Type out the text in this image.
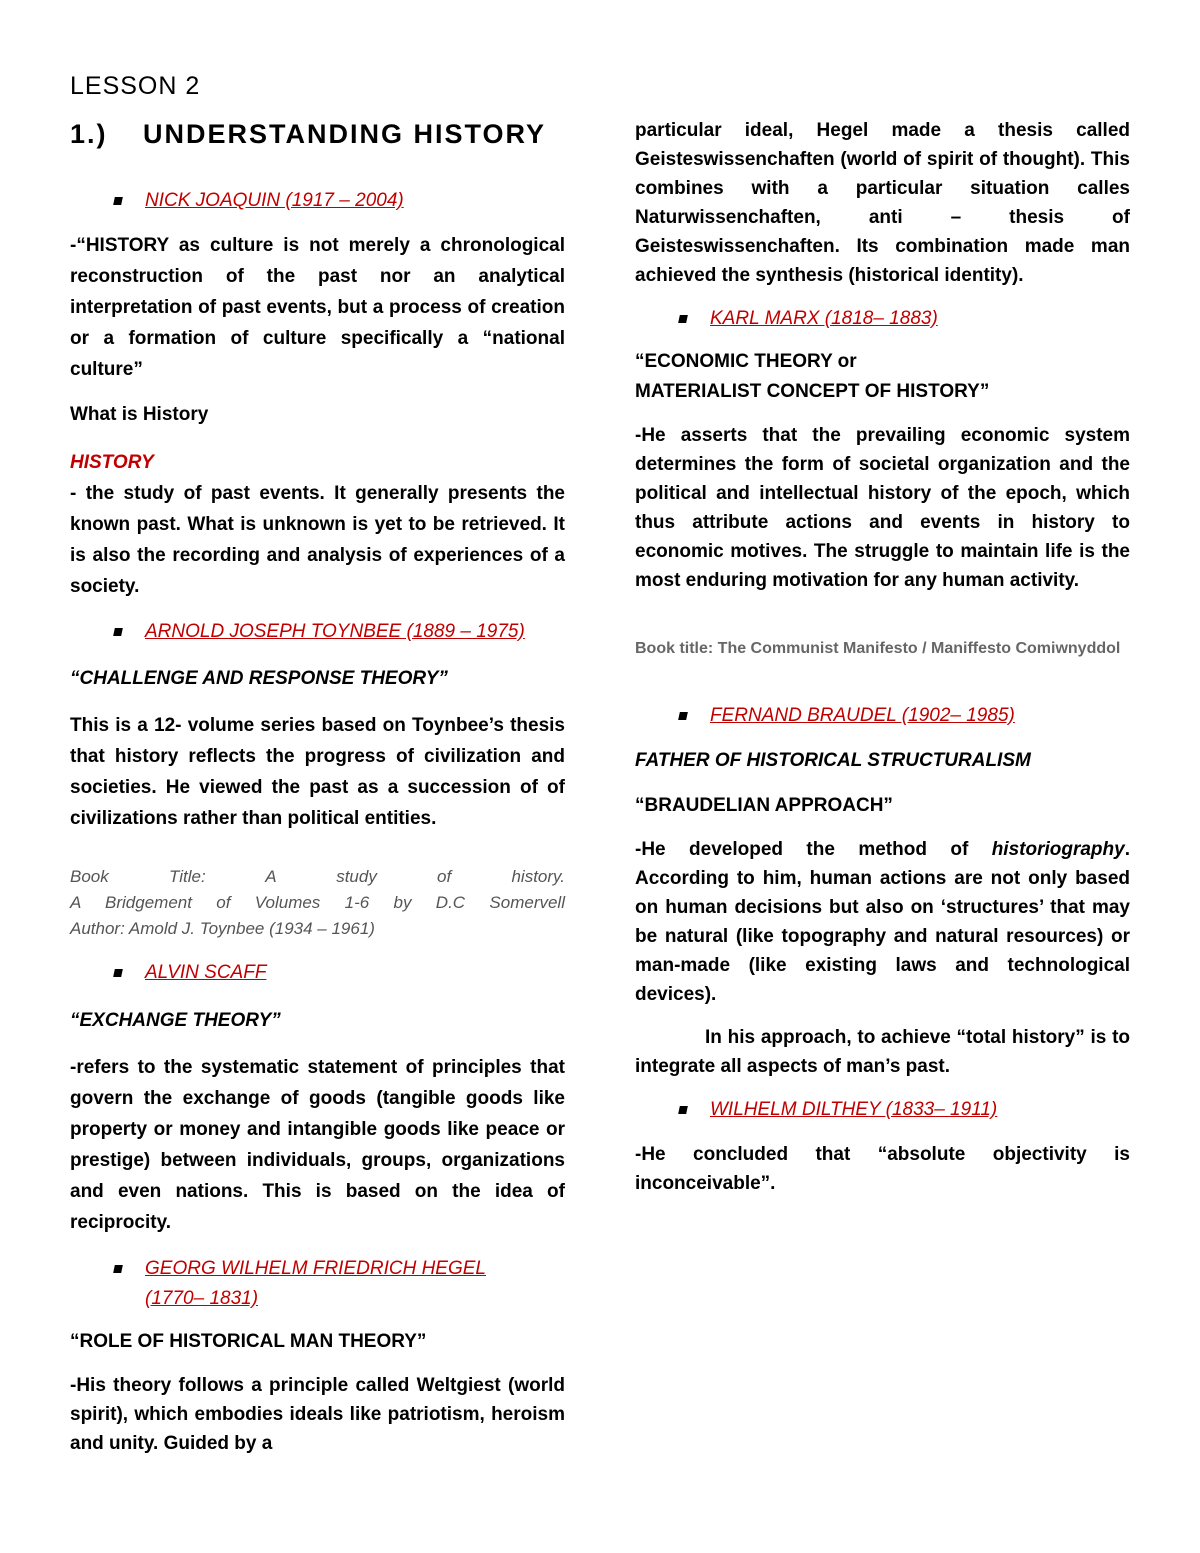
LESSON 2
1.) UNDERSTANDING HISTORY
NICK JOAQUIN (1917 – 2004)

-“HISTORY as culture is not merely a chronological reconstruction of the past nor an analytical interpretation of past events, but a process of creation or a formation of culture specifically a “national culture”

What is History

HISTORY

- the study of past events. It generally presents the known past. What is unknown is yet to be retrieved. It is also the recording and analysis of experiences of a society.

ARNOLD JOSEPH TOYNBEE (1889 – 1975)
“CHALLENGE AND RESPONSE THEORY”

This is a 12- volume series based on Toynbee’s thesis that history reflects the progress of civilization and societies. He viewed the past as a succession of of civilizations rather than political entities.

Book Title: A study of history.
A Bridgement of Volumes 1-6 by D.C Somervell
Author: Amold J. Toynbee (1934 – 1961)
ALVIN SCAFF
“EXCHANGE THEORY”

-refers to the systematic statement of principles that govern the exchange of goods (tangible goods like property or money and intangible goods like peace or prestige) between individuals, groups, organizations and even nations. This is based on the idea of reciprocity.

GEORG WILHELM FRIEDRICH HEGEL
(1770– 1831)

“ROLE OF HISTORICAL MAN THEORY”

-His theory follows a principle called Weltgiest (world spirit), which embodies ideals like patriotism, heroism and unity. Guided by a

particular ideal, Hegel made a thesis called Geisteswissenchaften (world of spirit of thought). This combines with a particular situation calles Naturwissenchaften, anti – thesis of Geisteswissenchaften. Its combination made man achieved the synthesis (historical identity).

KARL MARX (1818– 1883)

“ECONOMIC THEORY or

MATERIALIST CONCEPT OF HISTORY”

-He asserts that the prevailing economic system determines the form of societal organization and the political and intellectual history of the epoch, which thus attribute actions and events in history to economic motives. The struggle to maintain life is the most enduring motivation for any human activity.

Book title: The Communist Manifesto / Maniffesto Comiwnyddol
FERNAND BRAUDEL (1902– 1985)
FATHER OF HISTORICAL STRUCTURALISM

“BRAUDELIAN APPROACH”

-He developed the method of historiography. According to him, human actions are not only based on human decisions but also on ‘structures’ that may be natural (like topography and natural resources) or man-made (like existing laws and technological devices).

In his approach, to achieve “total history” is to integrate all aspects of man’s past.

WILHELM DILTHEY (1833– 1911)

-He concluded that “absolute objectivity is inconceivable”.
